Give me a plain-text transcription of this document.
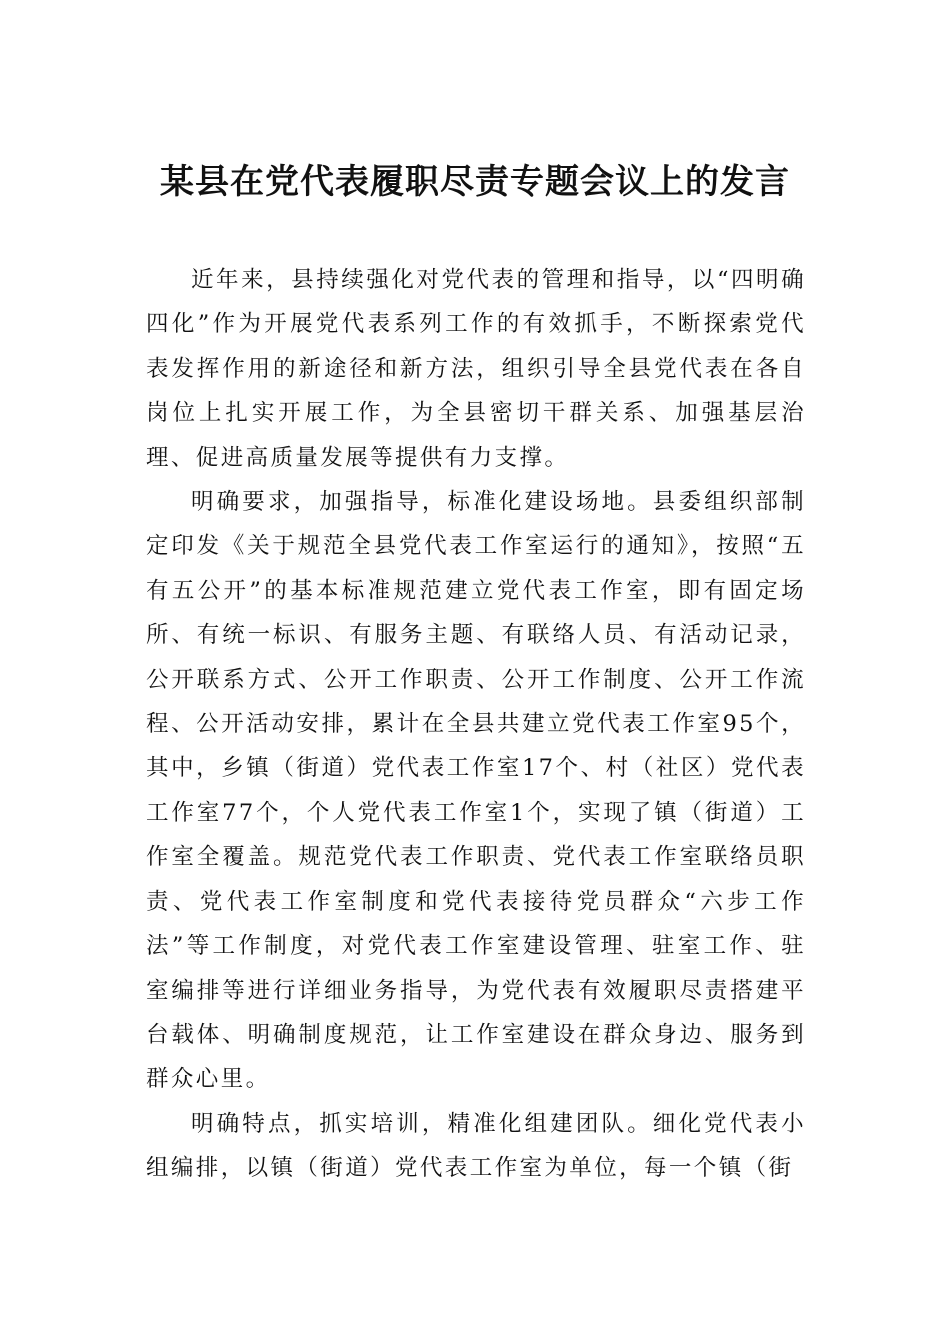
某县在党代表履职尽责专题会议上的发言

近年来，县持续强化对党代表的管理和指导，以“四明确四化”作为开展党代表系列工作的有效抓手，不断探索党代表发挥作用的新途径和新方法，组织引导全县党代表在各自岗位上扎实开展工作，为全县密切干群关系、加强基层治理、促进高质量发展等提供有力支撑。

明确要求，加强指导，标准化建设场地。县委组织部制定印发《关于规范全县党代表工作室运行的通知》，按照“五有五公开”的基本标准规范建立党代表工作室，即有固定场所、有统一标识、有服务主题、有联络人员、有活动记录，公开联系方式、公开工作职责、公开工作制度、公开工作流程、公开活动安排，累计在全县共建立党代表工作室95个，其中，乡镇（街道）党代表工作室17个、村（社区）党代表工作室77个，个人党代表工作室1个，实现了镇（街道）工作室全覆盖。规范党代表工作职责、党代表工作室联络员职责、党代表工作室制度和党代表接待党员群众“六步工作法”等工作制度，对党代表工作室建设管理、驻室工作、驻室编排等进行详细业务指导，为党代表有效履职尽责搭建平台载体、明确制度规范，让工作室建设在群众身边、服务到群众心里。

明确特点，抓实培训，精准化组建团队。细化党代表小组编排，以镇（街道）党代表工作室为单位，每一个镇（街
